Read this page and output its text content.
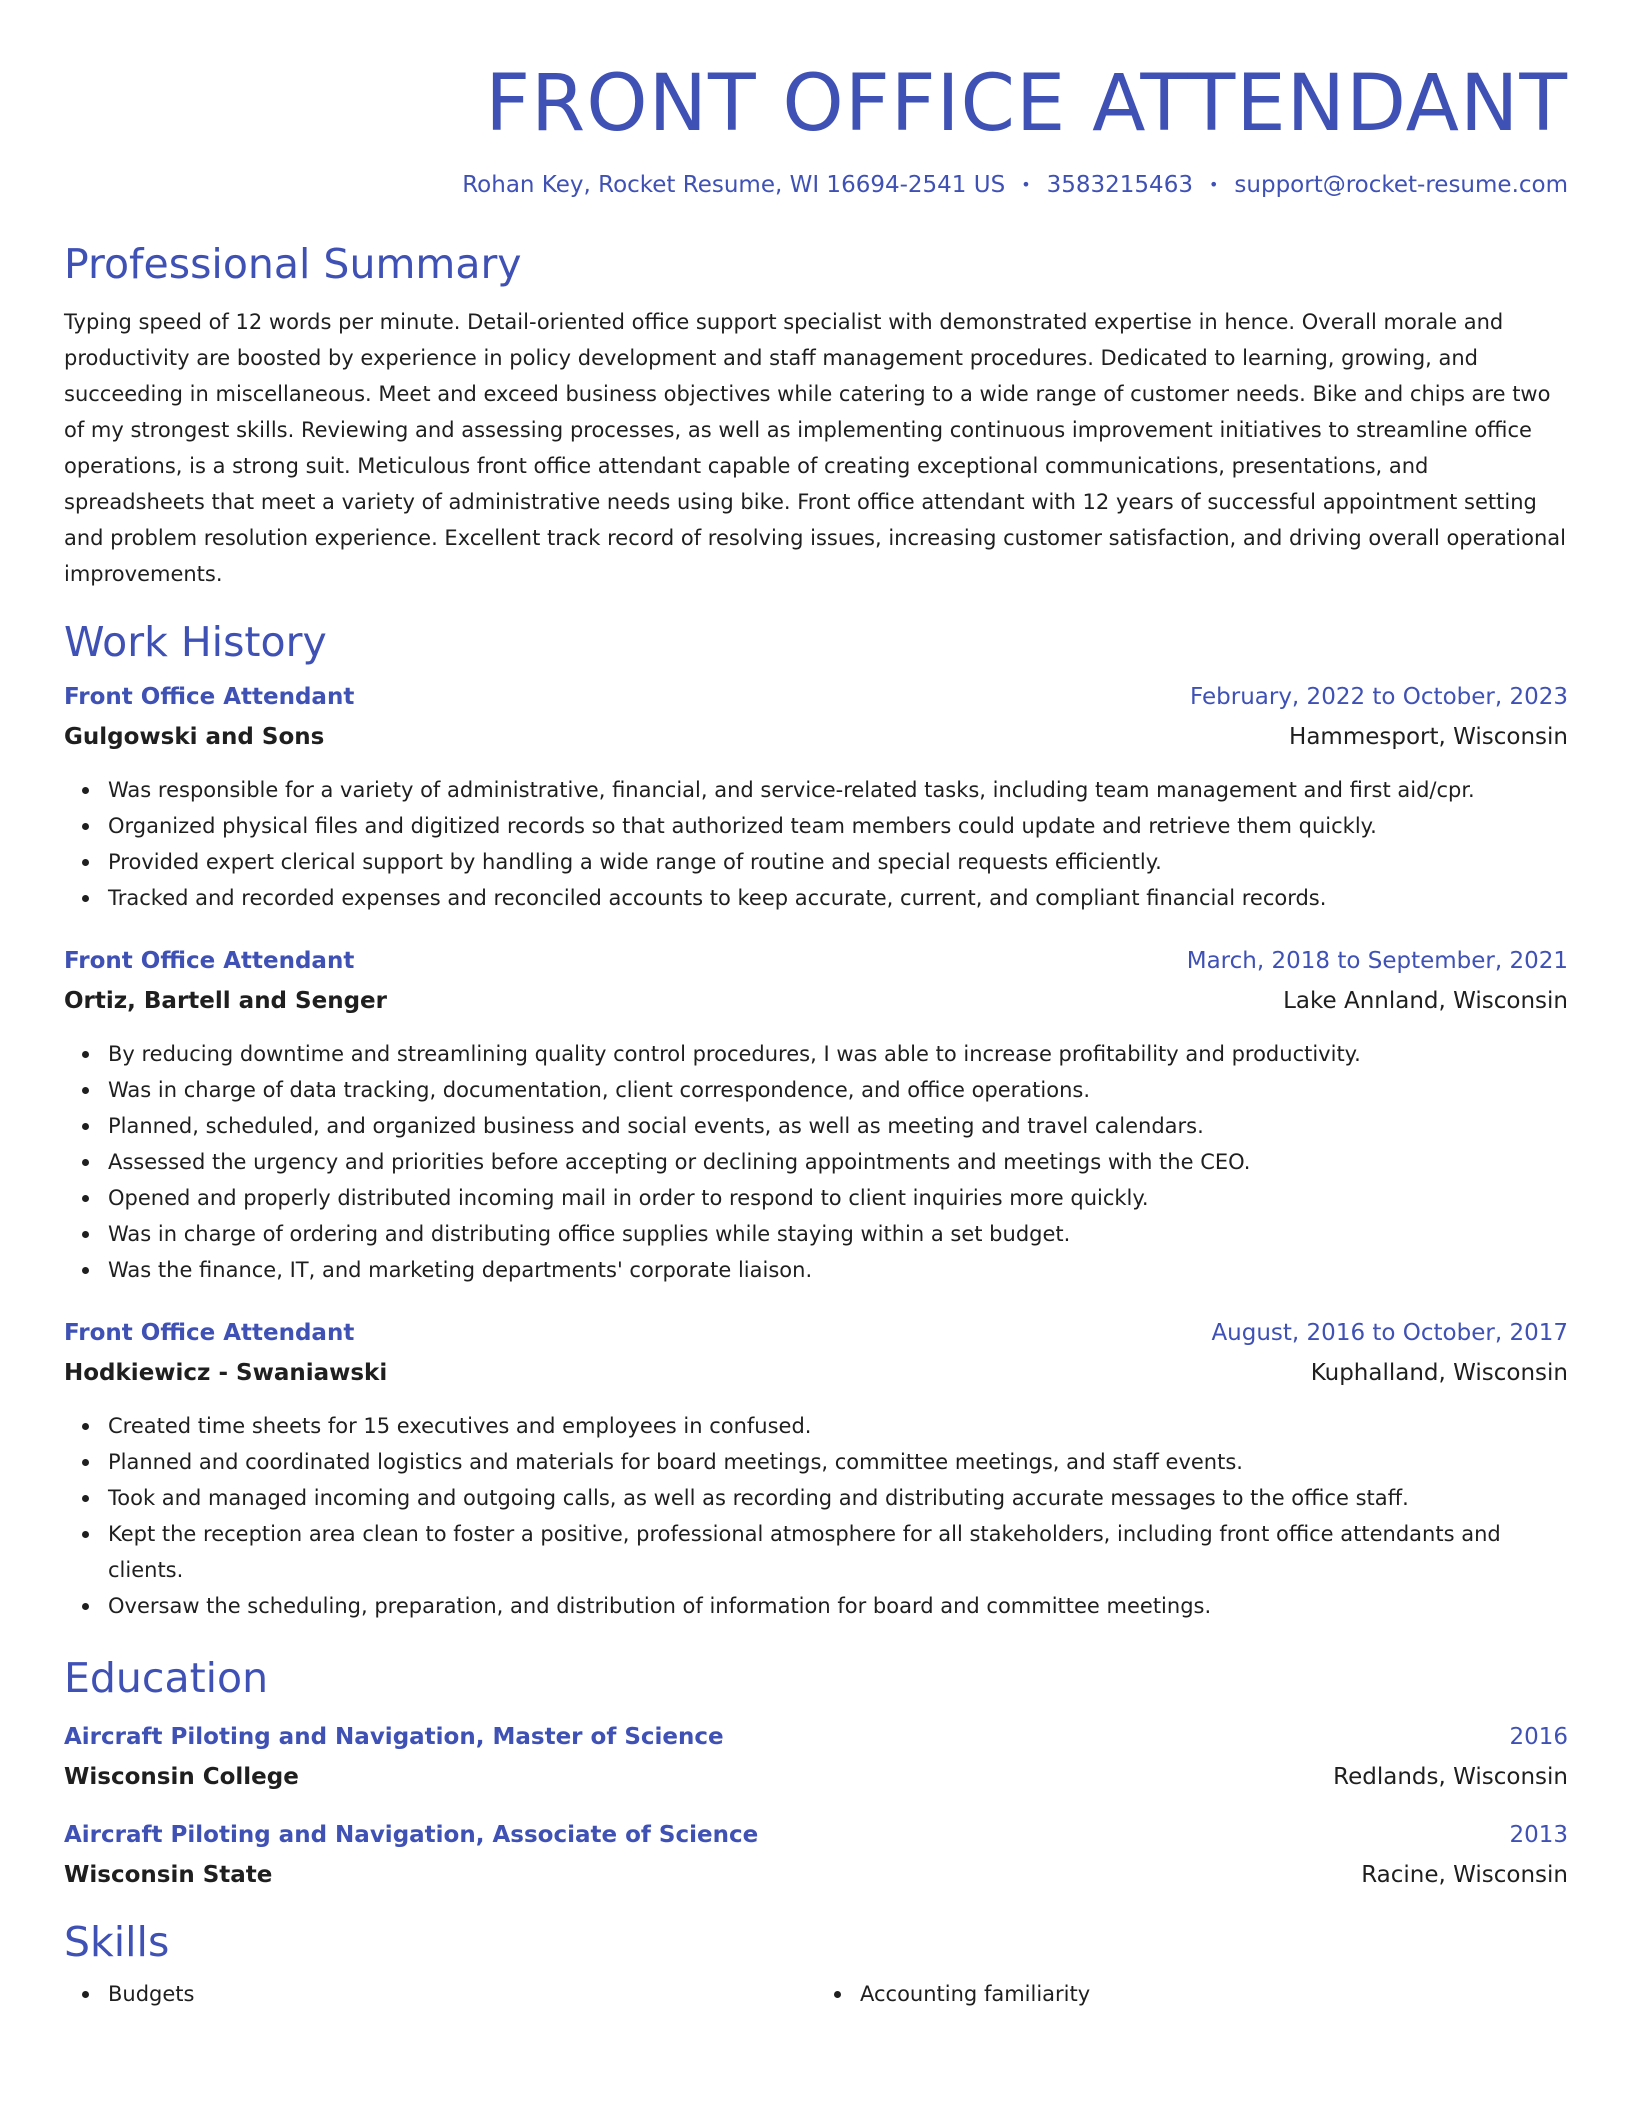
FRONT OFFICE ATTENDANT
Rohan Key, Rocket Resume, WI 16694-2541 US • 3583215463 • support@rocket-resume.com
Professional Summary
Typing speed of 12 words per minute. Detail-oriented office support specialist with demonstrated expertise in hence. Overall morale and productivity are boosted by experience in policy development and staff management procedures. Dedicated to learning, growing, and succeeding in miscellaneous. Meet and exceed business objectives while catering to a wide range of customer needs. Bike and chips are two of my strongest skills. Reviewing and assessing processes, as well as implementing continuous improvement initiatives to streamline office operations, is a strong suit. Meticulous front office attendant capable of creating exceptional communications, presentations, and spreadsheets that meet a variety of administrative needs using bike. Front office attendant with 12 years of successful appointment setting and problem resolution experience. Excellent track record of resolving issues, increasing customer satisfaction, and driving overall operational improvements.
Work History
Front Office Attendant	February, 2022 to October, 2023
Gulgowski and Sons	Hammesport, Wisconsin
Was responsible for a variety of administrative, financial, and service-related tasks, including team management and first aid/cpr.
Organized physical files and digitized records so that authorized team members could update and retrieve them quickly.
Provided expert clerical support by handling a wide range of routine and special requests efficiently.
Tracked and recorded expenses and reconciled accounts to keep accurate, current, and compliant financial records.
Front Office Attendant	March, 2018 to September, 2021
Ortiz, Bartell and Senger	Lake Annland, Wisconsin
By reducing downtime and streamlining quality control procedures, I was able to increase profitability and productivity.
Was in charge of data tracking, documentation, client correspondence, and office operations.
Planned, scheduled, and organized business and social events, as well as meeting and travel calendars.
Assessed the urgency and priorities before accepting or declining appointments and meetings with the CEO.
Opened and properly distributed incoming mail in order to respond to client inquiries more quickly.
Was in charge of ordering and distributing office supplies while staying within a set budget.
Was the finance, IT, and marketing departments' corporate liaison.
Front Office Attendant	August, 2016 to October, 2017
Hodkiewicz - Swaniawski	Kuphalland, Wisconsin
Created time sheets for 15 executives and employees in confused.
Planned and coordinated logistics and materials for board meetings, committee meetings, and staff events.
Took and managed incoming and outgoing calls, as well as recording and distributing accurate messages to the office staff.
Kept the reception area clean to foster a positive, professional atmosphere for all stakeholders, including front office attendants and clients.
Oversaw the scheduling, preparation, and distribution of information for board and committee meetings.
Education
Aircraft Piloting and Navigation, Master of Science	2016
Wisconsin College	Redlands, Wisconsin
Aircraft Piloting and Navigation, Associate of Science	2013
Wisconsin State	Racine, Wisconsin
Skills
Budgets	Accounting familiarity
